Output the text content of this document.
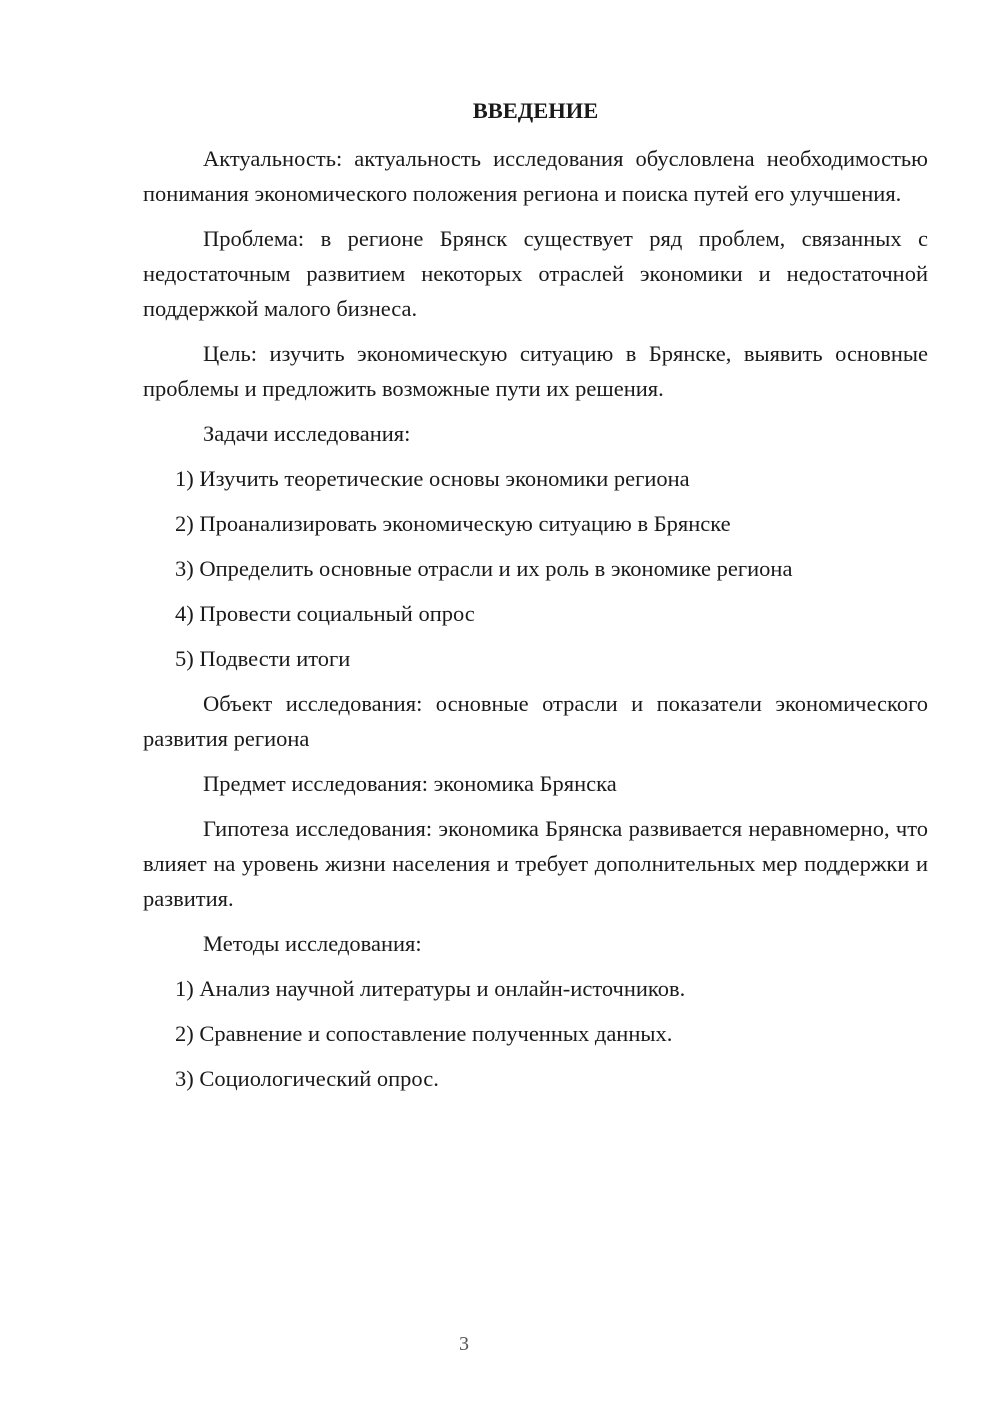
ВВЕДЕНИЕ
Актуальность: актуальность исследования обусловлена необходимостью понимания экономического положения региона и поиска путей его улучшения.
Проблема: в регионе Брянск существует ряд проблем, связанных с недостаточным развитием некоторых отраслей экономики и недостаточной поддержкой малого бизнеса.
Цель: изучить экономическую ситуацию в Брянске, выявить основные проблемы и предложить возможные пути их решения.
Задачи исследования:
1) Изучить теоретические основы экономики региона
2) Проанализировать экономическую ситуацию в Брянске
3) Определить основные отрасли и их роль в экономике региона
4) Провести социальный опрос
5) Подвести итоги
Объект исследования: основные отрасли и показатели экономического развития региона
Предмет исследования: экономика Брянска
Гипотеза исследования: экономика Брянска развивается неравномерно, что влияет на уровень жизни населения и требует дополнительных мер поддержки и развития.
Методы исследования:
1) Анализ научной литературы и онлайн-источников.
2) Сравнение и сопоставление полученных данных.
3) Социологический опрос.
3
